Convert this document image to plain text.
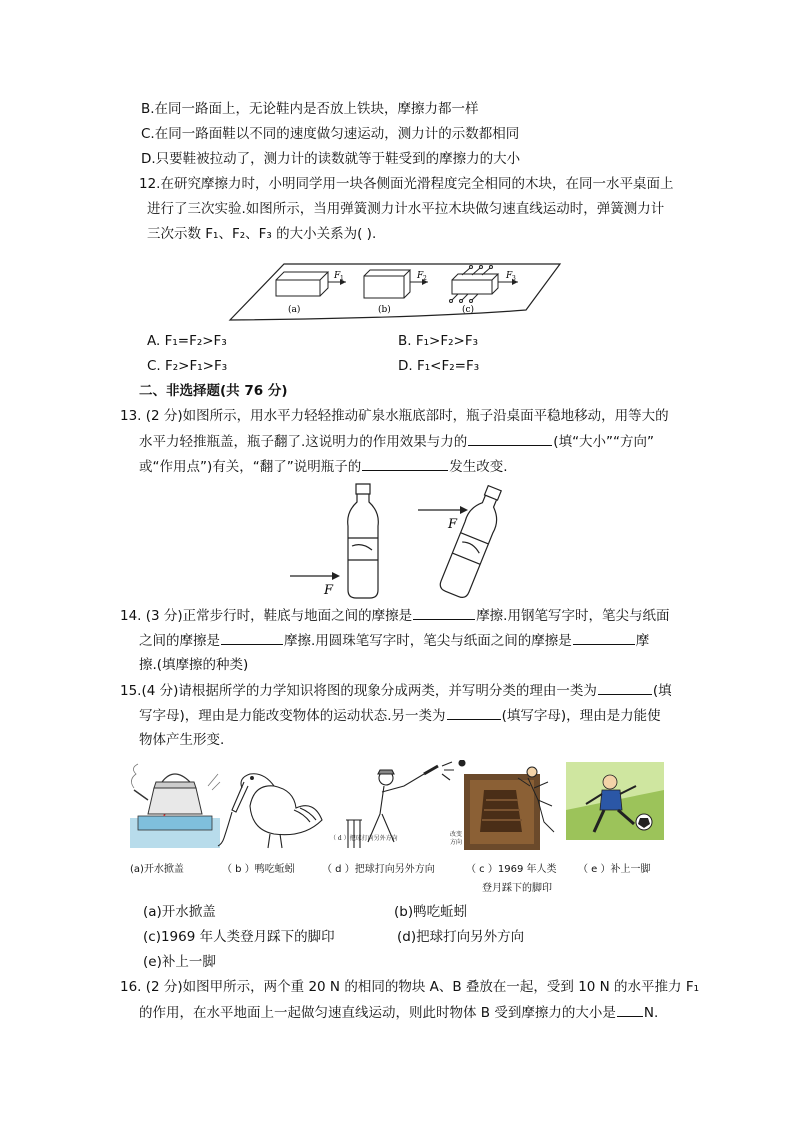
B.在同一路面上，无论鞋内是否放上铁块，摩擦力都一样
C.在同一路面鞋以不同的速度做匀速运动，测力计的示数都相同
D.只要鞋被拉动了，测力计的读数就等于鞋受到的摩擦力的大小
12.在研究摩擦力时，小明同学用一块各侧面光滑程度完全相同的木块，在同一水平桌面上
进行了三次实验.如图所示，当用弹簧测力计水平拉木块做匀速直线运动时，弹簧测力计
三次示数 F₁、F₂、F₃ 的大小关系为( ).
F 1
(a)
F 2
(b)
F 3
(c)
A. F₁=F₂>F₃	B. F₁>F₂>F₃
C. F₂>F₁>F₃	D. F₁<F₂=F₃
二、非选择题(共 76 分)
13. (2 分)如图所示，用水平力轻轻推动矿泉水瓶底部时，瓶子沿桌面平稳地移动，用等大的
水平力轻推瓶盖，瓶子翻了.这说明力的作用效果与力的	(填“大小”“方向”
或“作用点”)有关，“翻了”说明瓶子的	发生改变.
F
F
14. (3 分)正常步行时，鞋底与地面之间的摩擦是	摩擦.用钢笔写字时，笔尖与纸面
之间的摩擦是	摩擦.用圆珠笔写字时，笔尖与纸面之间的摩擦是	摩
擦.(填摩擦的种类)
15.(4 分)请根据所学的力学知识将图的现象分成两类，并写明分类的理由一类为	(填
写字母)，理由是力能改变物体的运动状态.另一类为	(填写字母)，理由是力能使
物体产生形变.
（ d ）把球打向另外方向
改变
方向
(a)开水掀盖	（ b ）鸭吃蚯蚓	（ d ）把球打向另外方向	（ c ）1969 年人类
登月踩下的脚印
（ e ）补上一脚
(a)开水掀盖	(b)鸭吃蚯蚓
(c)1969 年人类登月踩下的脚印	(d)把球打向另外方向
(e)补上一脚
16. (2 分)如图甲所示，两个重 20 N 的相同的物块 A、B 叠放在一起，受到 10 N 的水平推力 F₁
的作用，在水平地面上一起做匀速直线运动，则此时物体 B 受到摩擦力的大小是 N.
